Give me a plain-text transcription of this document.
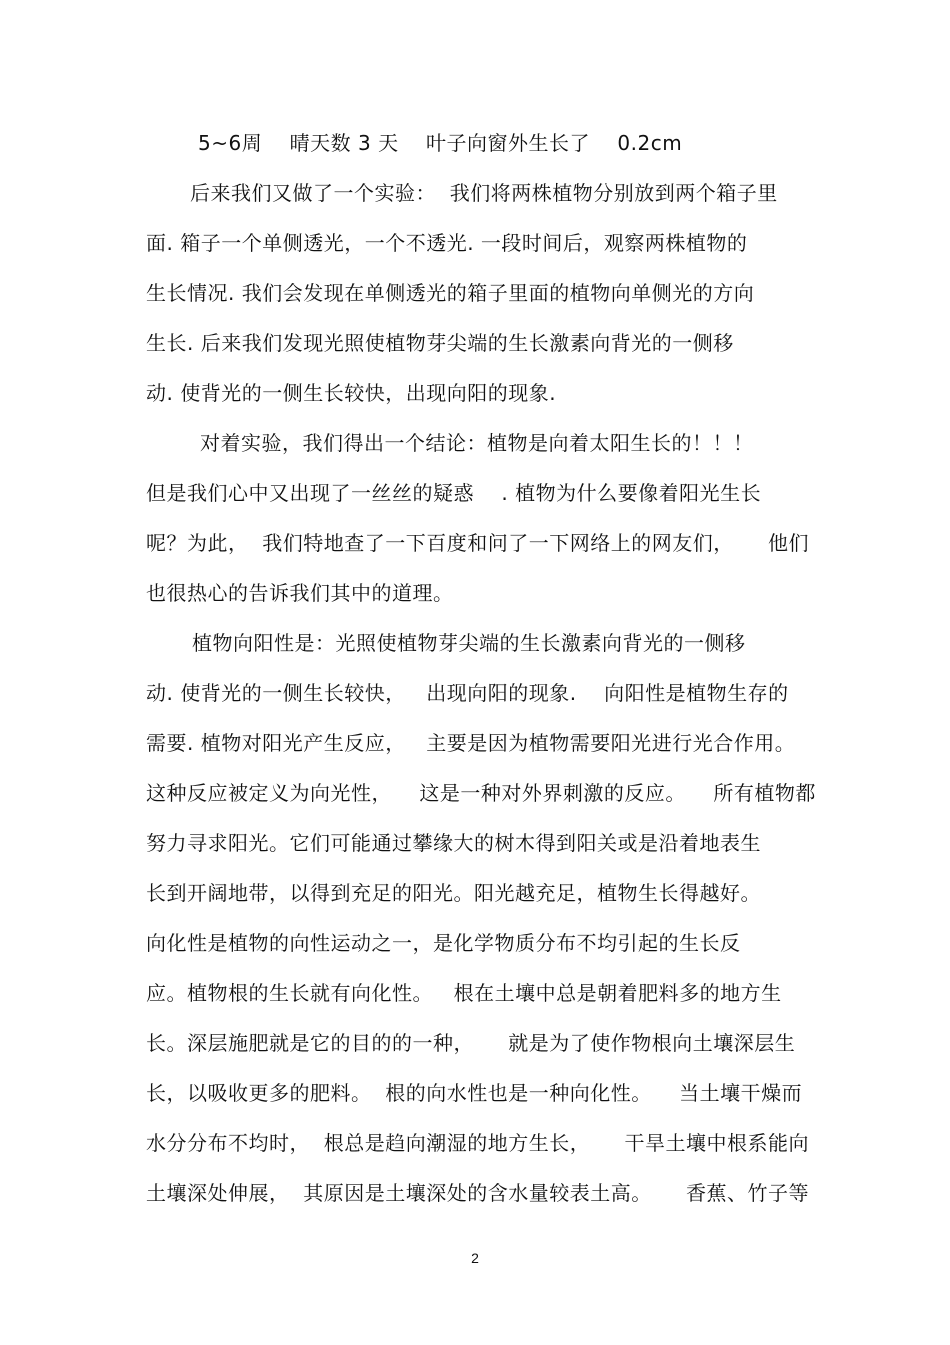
5~6周    晴天数 3 天    叶子向窗外生长了    0.2cm
后来我们又做了一个实验：  我们将两株植物分别放到两个箱子里
面. 箱子一个单侧透光，一个不透光. 一段时间后，观察两株植物的
生长情况. 我们会发现在单侧透光的箱子里面的植物向单侧光的方向
生长. 后来我们发现光照使植物芽尖端的生长激素向背光的一侧移
动. 使背光的一侧生长较快，出现向阳的现象.
对着实验，我们得出一个结论：植物是向着太阳生长的！！！
但是我们心中又出现了一丝丝的疑惑    . 植物为什么要像着阳光生长
呢？为此，  我们特地查了一下百度和问了一下网络上的网友们，     他们
也很热心的告诉我们其中的道理。
植物向阳性是：光照使植物芽尖端的生长激素向背光的一侧移
动. 使背光的一侧生长较快，   出现向阳的现象.    向阳性是植物生存的
需要. 植物对阳光产生反应，   主要是因为植物需要阳光进行光合作用。
这种反应被定义为向光性，    这是一种对外界刺激的反应。    所有植物都
努力寻求阳光。它们可能通过攀缘大的树木得到阳关或是沿着地表生
长到开阔地带，以得到充足的阳光。阳光越充足，植物生长得越好。
向化性是植物的向性运动之一，是化学物质分布不均引起的生长反
应。植物根的生长就有向化性。   根在土壤中总是朝着肥料多的地方生
长。深层施肥就是它的目的的一种，     就是为了使作物根向土壤深层生
长，以吸收更多的肥料。  根的向水性也是一种向化性。    当土壤干燥而
水分分布不均时，  根总是趋向潮湿的地方生长，     干旱土壤中根系能向
土壤深处伸展，  其原因是土壤深处的含水量较表土高。     香蕉、竹子等
2
